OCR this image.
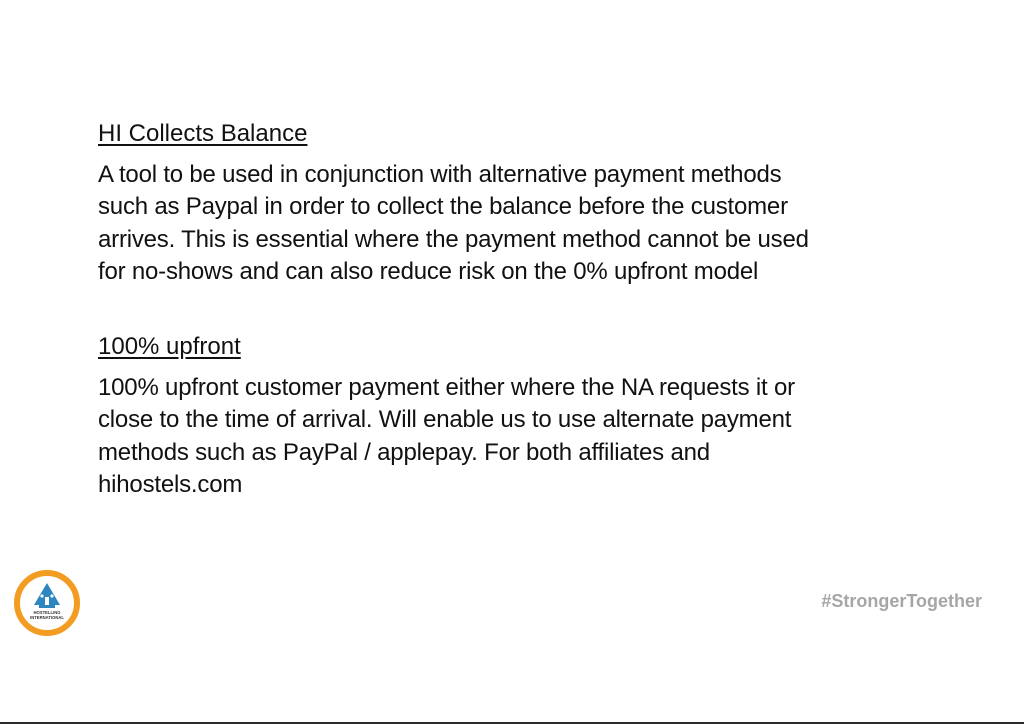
HI Collects Balance

A tool to be used in conjunction with alternative payment methods
such as Paypal in order to collect the balance before the customer
arrives. This is essential where the payment method cannot be used
for no-shows and can also reduce risk on the 0% upfront model

100% upfront

100% upfront customer payment either where the NA requests it or
close to the time of arrival. Will enable us to use alternate payment
methods such as PayPal / applepay. For both affiliates and
hihostels.com

HOSTELLING
INTERNATIONAL
#StrongerTogether
